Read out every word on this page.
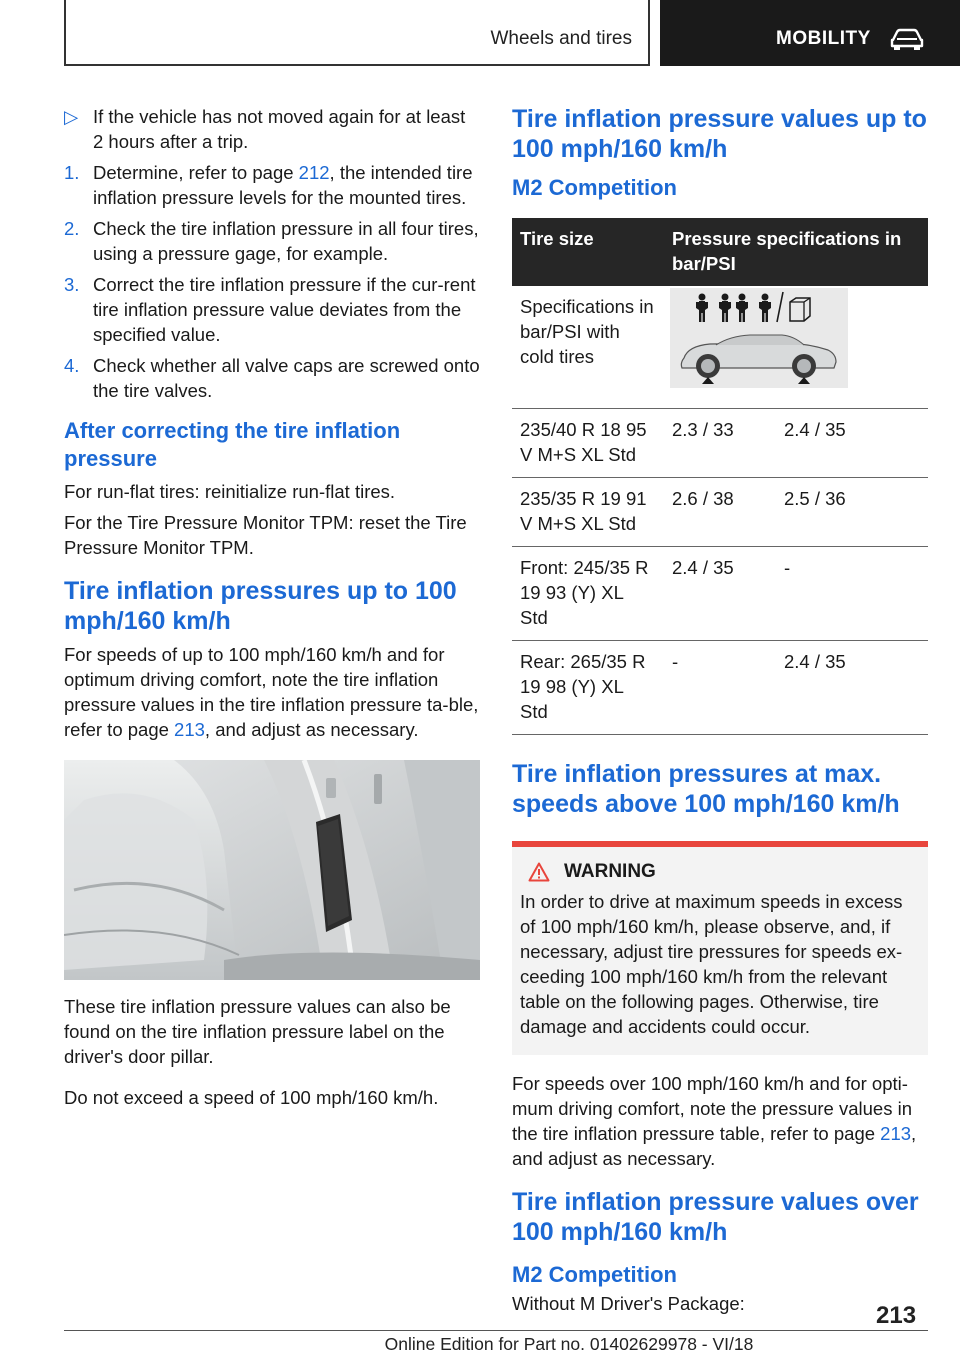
Wheels and tires	MOBILITY
▷ If the vehicle has not moved again for at least 2 hours after a trip.
1. Determine, refer to page 212, the intended tire inflation pressure levels for the mounted tires.
2. Check the tire inflation pressure in all four tires, using a pressure gage, for example.
3. Correct the tire inflation pressure if the cur-rent tire inflation pressure value deviates from the specified value.
4. Check whether all valve caps are screwed onto the tire valves.
After correcting the tire inflation pressure

For run-flat tires: reinitialize run-flat tires.

For the Tire Pressure Monitor TPM: reset the Tire Pressure Monitor TPM.

Tire inflation pressures up to 100 mph/160 km/h

For speeds of up to 100 mph/160 km/h and for optimum driving comfort, note the tire inflation pressure values in the tire inflation pressure ta-ble, refer to page 213, and adjust as necessary.

These tire inflation pressure values can also be found on the tire inflation pressure label on the driver's door pillar.

Do not exceed a speed of 100 mph/160 km/h.

Tire inflation pressure values up to 100 mph/160 km/h
M2 Competition
Tire size	Pressure specifications in bar/PSI	
Specifications in bar/PSI with cold tires	
235/40 R 18 95 V M+S XL Std	2.3 / 33	2.4 / 35
235/35 R 19 91 V M+S XL Std	2.6 / 38	2.5 / 36
Front: 245/35 R 19 93 (Y) XL Std	2.4 / 35	-
Rear: 265/35 R 19 98 (Y) XL Std	-	2.4 / 35
Tire inflation pressures at max. speeds above 100 mph/160 km/h
WARNING
In order to drive at maximum speeds in excess of 100 mph/160 km/h, please observe, and, if necessary, adjust tire pressures for speeds ex-ceeding 100 mph/160 km/h from the relevant table on the following pages. Otherwise, tire damage and accidents could occur.

For speeds over 100 mph/160 km/h and for opti-mum driving comfort, note the pressure values in the tire inflation pressure table, refer to page 213, and adjust as necessary.

Tire inflation pressure values over 100 mph/160 km/h
M2 Competition

Without M Driver's Package:	213
Online Edition for Part no. 01402629978 - VI/18
